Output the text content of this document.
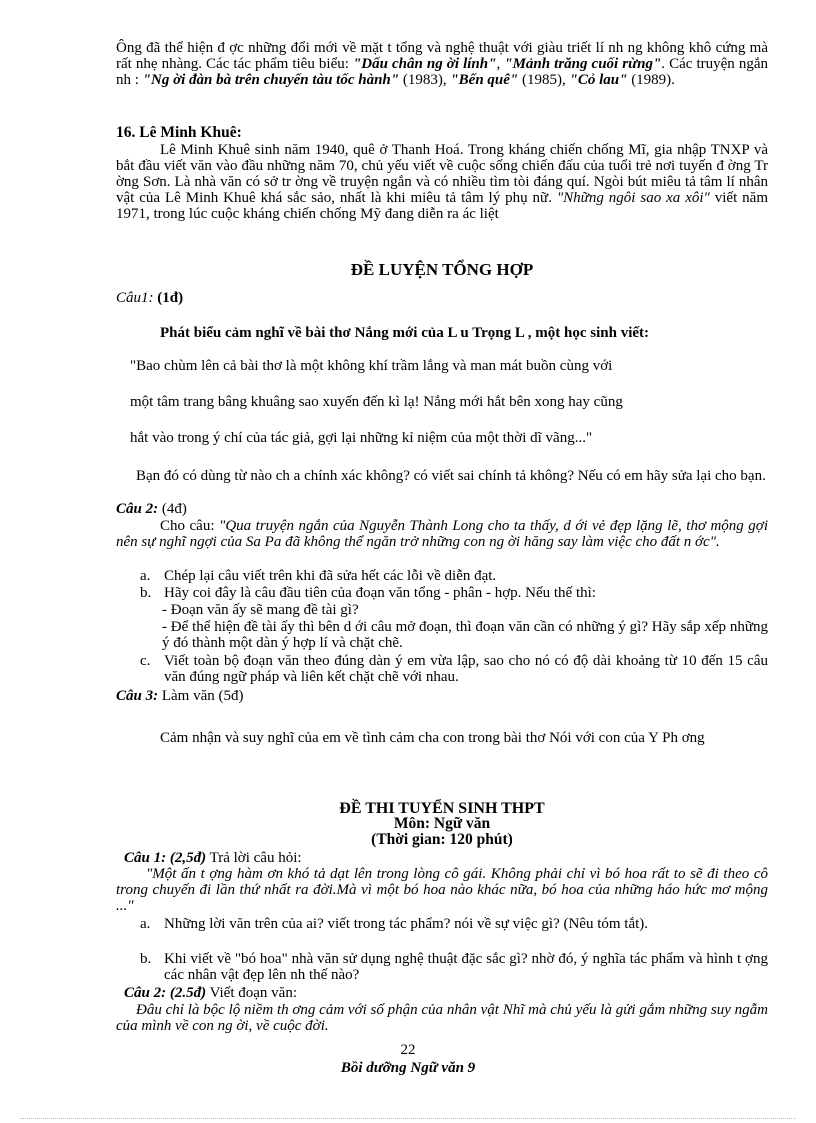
Ông đã thể hiện đ ợc những đổi mới về mặt t tổng và nghệ thuật với giàu triết lí nh ng không khô cứng mà rất nhẹ nhàng. Các tác phẩm tiêu biểu: "Dấu chân ng ời lính", "Mảnh trăng cuối rừng". Các truyện ngắn nh : "Ng ời đàn bà trên chuyến tàu tốc hành" (1983), "Bến quê" (1985), "Cỏ lau" (1989).

16. Lê Minh Khuê:

Lê Minh Khuê sinh năm 1940, quê ở Thanh Hoá. Trong kháng chiến chống Mĩ, gia nhập TNXP và bắt đầu viết văn vào đầu những năm 70, chủ yếu viết về cuộc sống chiến đấu của tuổi trẻ nơi tuyến đ ờng Tr ờng Sơn. Là nhà văn có sở tr ờng về truyện ngắn và có nhiều tìm tòi đáng quí. Ngòi bút miêu tả tâm lí nhân vật của Lê Minh Khuê khá sắc sảo, nhất là khi miêu tả tâm lý phụ nữ. "Những ngôi sao xa xôi" viết năm 1971, trong lúc cuộc kháng chiến chống Mỹ đang diễn ra ác liệt

ĐỀ LUYỆN TỔNG HỢP
Câu1: (1đ)

Phát biểu cảm nghĩ về bài thơ Nắng mới của L u Trọng L , một học sinh viết:

"Bao chùm lên cả bài thơ là một không khí trầm lắng và man mát buồn cùng với

một tâm trang bâng khuâng sao xuyến đến kì lạ! Nắng mới hắt bên xong hay cũng

hắt vào trong ý chí của tác giả, gợi lại những kỉ niệm của một thời dĩ vãng..."

Bạn đó có dùng từ nào ch a chính xác không? có viết sai chính tả không? Nếu có em hãy sửa lại cho bạn.

Câu 2: (4đ)

Cho câu: "Qua truyện ngắn của Nguyễn Thành Long cho ta thấy, d ới vẻ đẹp lặng lẽ, thơ mộng gợi nên sự nghĩ ngợi của Sa Pa đã không thể ngăn trở những con ng ời hăng say làm việc cho đất n ớc".

a. Chép lại câu viết trên khi đã sửa hết các lỗi về diễn đạt.
b. Hãy coi đây là câu đầu tiên của đoạn văn tổng - phân - hợp. Nếu thế thì:

- Đoạn văn ấy sẽ mang đề tài gì?

- Để thể hiện đề tài ấy thì bên d ới câu mở đoạn, thì đoạn văn cần có những ý gì? Hãy sắp xếp những ý đó thành một dàn ý hợp lí và chặt chẽ.

c. Viết toàn bộ đoạn văn theo đúng dàn ý em vừa lập, sao cho nó có độ dài khoảng từ 10 đến 15 câu văn đúng ngữ pháp và liên kết chặt chẽ với nhau.
Câu 3: Làm văn (5đ)

Cảm nhận và suy nghĩ của em về tình cảm cha con trong bài thơ Nói với con của Y Ph ơng

ĐỀ THI TUYỂN SINH THPT
Môn: Ngữ văn
(Thời gian: 120 phút)
Câu 1: (2,5đ) Trả lời câu hỏi:

"Một ấn t ợng hàm ơn khó tả dạt lên trong lòng cô gái. Không phải chỉ vì bó hoa rất to sẽ đi theo cô trong chuyến đi lần thứ nhất ra đời.Mà vì một bó hoa nào khác nữa, bó hoa của những háo hức mơ mộng ..."

a. Những lời văn trên của ai? viết trong tác phẩm? nói về sự việc gì? (Nêu tóm tắt).
b. Khi viết về "bó hoa" nhà văn sử dụng nghệ thuật đặc sắc gì? nhờ đó, ý nghĩa tác phẩm và hình t ợng các nhân vật đẹp lên nh thế nào?
Câu 2: (2.5đ) Viết đoạn văn:

Đâu chỉ là bộc lộ niềm th ơng cảm với số phận của nhân vật Nhĩ mà chủ yếu là gửi gắm những suy ngẫm của mình về con ng ời, về cuộc đời.

22
Bồi dưỡng Ngữ văn 9
